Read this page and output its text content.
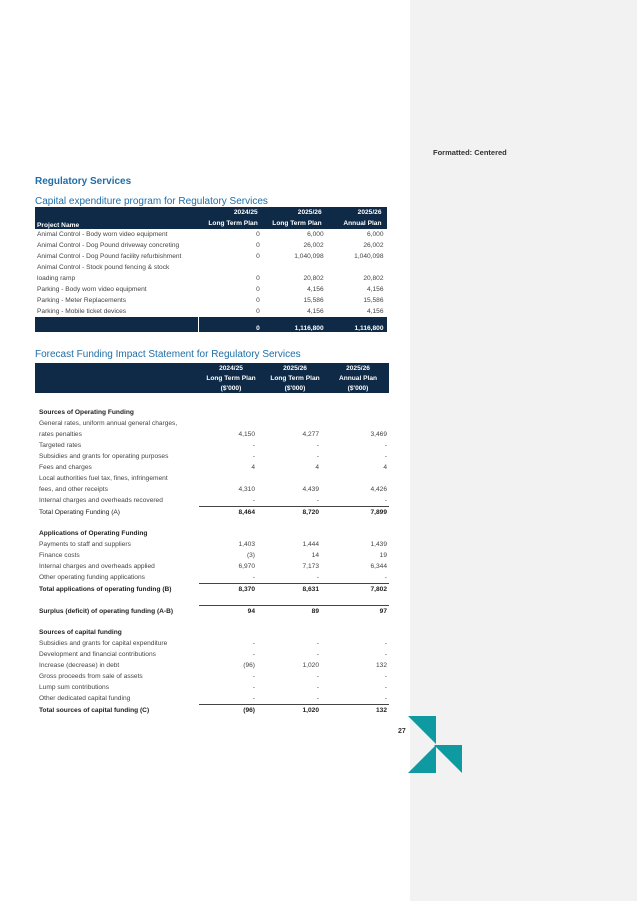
Formatted: Centered
Regulatory Services
Capital expenditure program for Regulatory Services
Project Name	2024/25	2025/26	2025/26
	Long Term Plan	Long Term Plan	Annual Plan
Animal Control - Body worn video equipment	0	6,000	6,000
Animal Control - Dog Pound driveway concreting	0	26,002	26,002
Animal Control - Dog Pound facility refurbishment	0	1,040,098	1,040,098
Animal Control - Stock pound fencing & stock			
loading ramp	0	20,802	20,802
Parking - Body worn video equipment	0	4,156	4,156
Parking - Meter Replacements	0	15,586	15,586
Parking - Mobile ticket devices	0	4,156	4,156
	0	1,116,800	1,116,800
Forecast Funding Impact Statement for Regulatory Services
	2024/25	2025/26	2025/26
	Long Term Plan	Long Term Plan	Annual Plan
	($'000)	($'000)	($'000)

Sources of Operating Funding			
General rates, uniform annual general charges,			
rates penalties	4,150	4,277	3,469
Targeted rates	-	-	-
Subsidies and grants for operating purposes	-	-	-
Fees and charges	4	4	4
Local authorities fuel tax, fines, infringement			
fees, and other receipts	4,310	4,439	4,426
Internal charges and overheads recovered	-	-	-
Total Operating Funding (A)	8,464	8,720	7,899

Applications of Operating Funding			
Payments to staff and suppliers	1,403	1,444	1,439
Finance costs	(3)	14	19
Internal charges and overheads applied	6,970	7,173	6,344
Other operating funding applications	-	-	-
Total applications of operating funding (B)	8,370	8,631	7,802

Surplus (deficit) of operating funding (A-B)	94	89	97

Sources of capital funding			
Subsidies and grants for capital expenditure	-	-	-
Development and financial contributions	-	-	-
Increase (decrease) in debt	(96)	1,020	132
Gross proceeds from sale of assets	-	-	-
Lump sum contributions	-	-	-
Other dedicated capital funding	-	-	-
Total sources of capital funding (C)	(96)	1,020	132
27
